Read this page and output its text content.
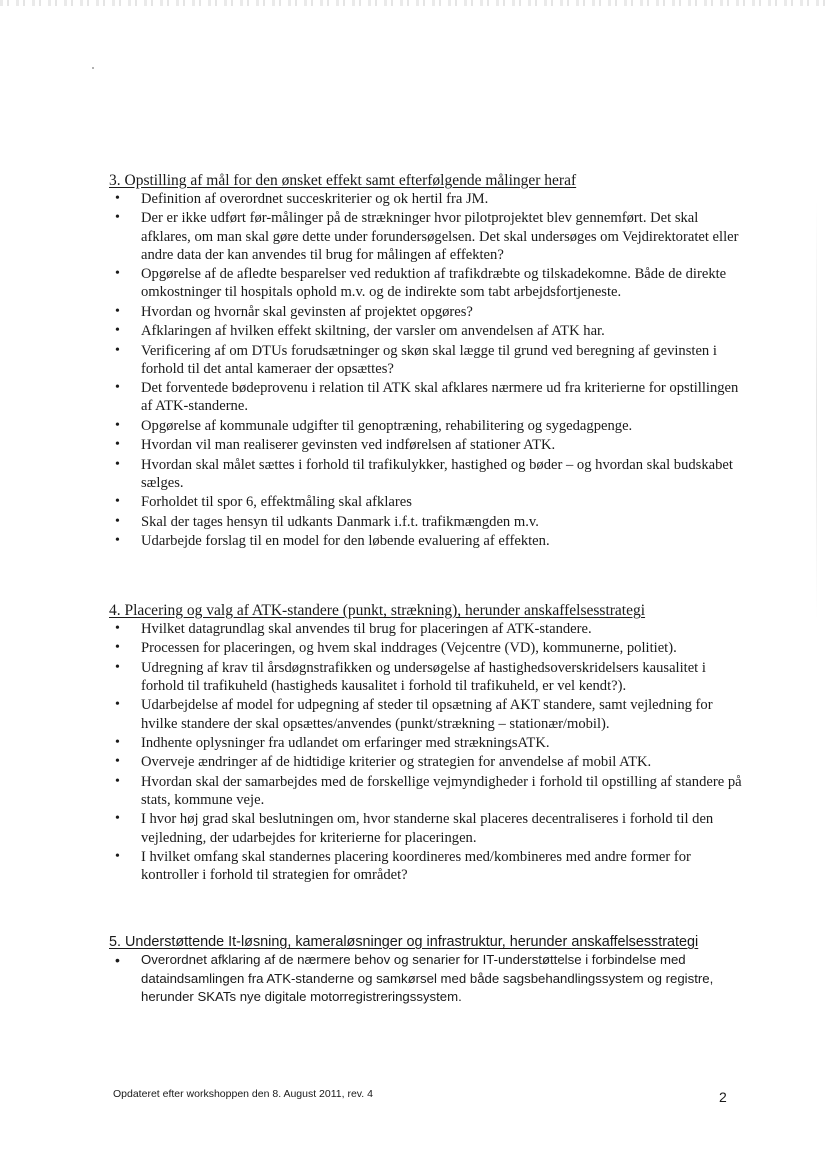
3. Opstilling af mål for den ønsket effekt samt efterfølgende målinger heraf
• Definition af overordnet succeskriterier og ok hertil fra JM.
• Der er ikke udført før-målinger på de strækninger hvor pilotprojektet blev gennemført. Det skal afklares, om man skal gøre dette under forundersøgelsen. Det skal undersøges om Vejdirektoratet eller andre data der kan anvendes til brug for målingen af effekten?
• Opgørelse af de afledte besparelser ved reduktion af trafikdræbte og tilskadekomne. Både de direkte omkostninger til hospitals ophold m.v. og de indirekte som tabt arbejdsfortjeneste.
• Hvordan og hvornår skal gevinsten af projektet opgøres?
• Afklaringen af hvilken effekt skiltning, der varsler om anvendelsen af ATK har.
• Verificering af om DTUs forudsætninger og skøn skal lægge til grund ved beregning af gevinsten i forhold til det antal kameraer der opsættes?
• Det forventede bødeprovenu i relation til ATK skal afklares nærmere ud fra kriterierne for opstillingen af ATK-standerne.
• Opgørelse af kommunale udgifter til genoptræning, rehabilitering og sygedagpenge.
• Hvordan vil man realiserer gevinsten ved indførelsen af stationer ATK.
• Hvordan skal målet sættes i forhold til trafikulykker, hastighed og bøder – og hvordan skal budskabet sælges.
• Forholdet til spor 6, effektmåling skal afklares
• Skal der tages hensyn til udkants Danmark i.f.t. trafikmængden m.v.
• Udarbejde forslag til en model for den løbende evaluering af effekten.
4. Placering og valg af ATK-standere (punkt, strækning), herunder anskaffelsesstrategi
• Hvilket datagrundlag skal anvendes til brug for placeringen af ATK-standere.
• Processen for placeringen, og hvem skal inddrages (Vejcentre (VD), kommunerne, politiet).
• Udregning af krav til årsdøgnstrafikken og undersøgelse af hastighedsoverskridelsers kausalitet i forhold til trafikuheld (hastigheds kausalitet i forhold til trafikuheld, er vel kendt?).
• Udarbejdelse af model for udpegning af steder til opsætning af AKT standere, samt vejledning for hvilke standere der skal opsættes/anvendes (punkt/strækning – stationær/mobil).
• Indhente oplysninger fra udlandet om erfaringer med strækningsATK.
• Overveje ændringer af de hidtidige kriterier og strategien for anvendelse af mobil ATK.
• Hvordan skal der samarbejdes med de forskellige vejmyndigheder i forhold til opstilling af standere på stats, kommune veje.
• I hvor høj grad skal beslutningen om, hvor standerne skal placeres decentraliseres i forhold til den vejledning, der udarbejdes for kriterierne for placeringen.
• I hvilket omfang skal standernes placering koordineres med/kombineres med andre former for kontroller i forhold til strategien for området?
5. Understøttende It-løsning, kameraløsninger og infrastruktur, herunder anskaffelsesstrategi
• Overordnet afklaring af de nærmere behov og senarier for IT-understøttelse i forbindelse med dataindsamlingen fra ATK-standerne og samkørsel med både sagsbehandlingssystem og registre, herunder SKATs nye digitale motorregistreringssystem.
Opdateret efter workshoppen den 8. August 2011, rev. 4	2
